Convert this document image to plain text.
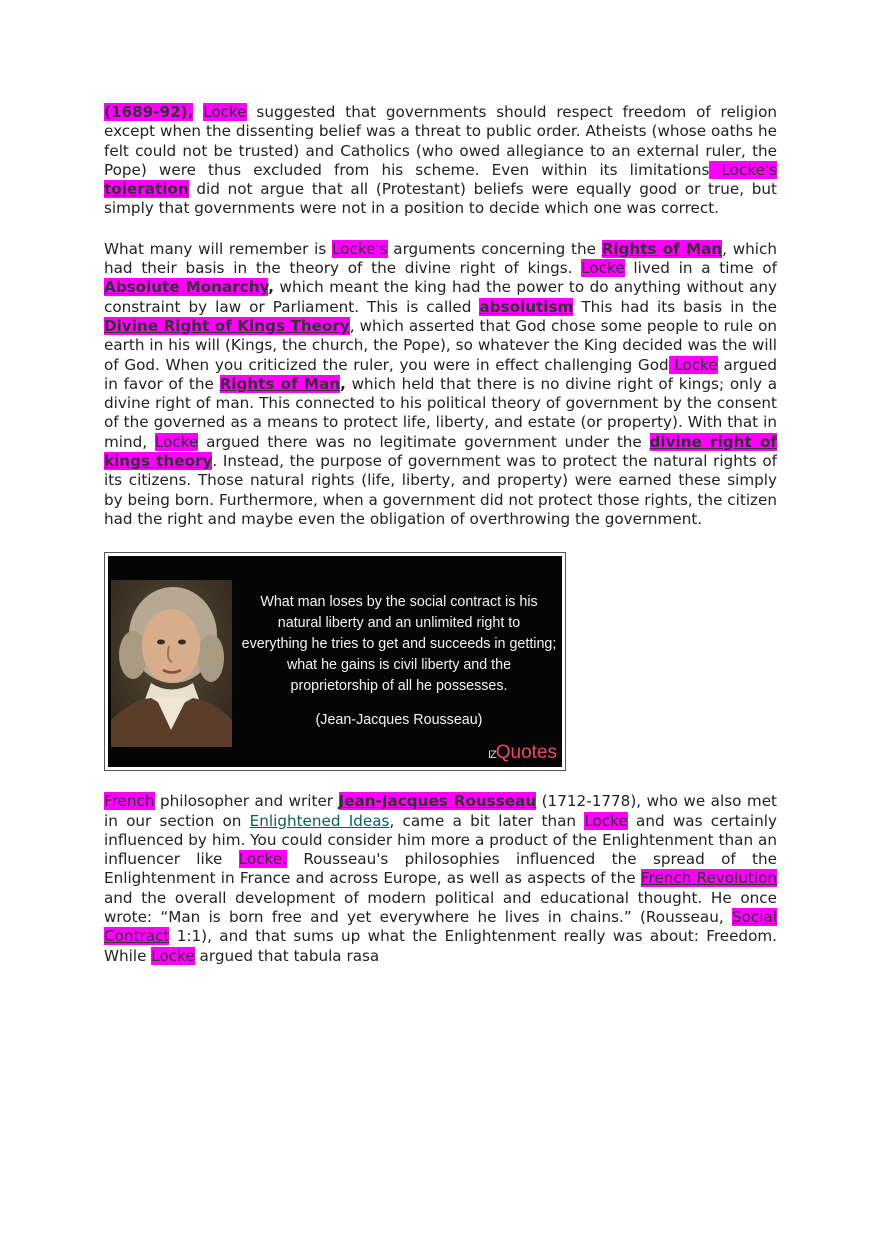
(1689-92), Locke suggested that governments should respect freedom of religion except when the dissenting belief was a threat to public order. Atheists (whose oaths he felt could not be trusted) and Catholics (who owed allegiance to an external ruler, the Pope) were thus excluded from his scheme. Even within its limitations Locke's toleration did not argue that all (Protestant) beliefs were equally good or true, but simply that governments were not in a position to decide which one was correct.

What many will remember is Locke's arguments concerning the Rights of Man, which had their basis in the theory of the divine right of kings. Locke lived in a time of Absolute Monarchy, which meant the king had the power to do anything without any constraint by law or Parliament. This is called absolutism This had its basis in the Divine Right of Kings Theory, which asserted that God chose some people to rule on earth in his will (Kings, the church, the Pope), so whatever the King decided was the will of God. When you criticized the ruler, you were in effect challenging God Locke argued in favor of the Rights of Man, which held that there is no divine right of kings; only a divine right of man. This connected to his political theory of government by the consent of the governed as a means to protect life, liberty, and estate (or property). With that in mind, Locke argued there was no legitimate government under the divine right of kings theory. Instead, the purpose of government was to protect the natural rights of its citizens. Those natural rights (life, liberty, and property) were earned these simply by being born. Furthermore, when a government did not protect those rights, the citizen had the right and maybe even the obligation of overthrowing the government.

What man loses by the social contract is his
natural liberty and an unlimited right to
everything he tries to get and succeeds in getting;
what he gains is civil liberty and the
proprietorship of all he possesses.
(Jean-Jacques Rousseau)
IZQuotes

French philosopher and writer Jean-Jacques Rousseau (1712-1778), who we also met in our section on Enlightened Ideas, came a bit later than Locke and was certainly influenced by him. You could consider him more a product of the Enlightenment than an influencer like Locke. Rousseau's philosophies influenced the spread of the Enlightenment in France and across Europe, as well as aspects of the French Revolution and the overall development of modern political and educational thought. He once wrote: “Man is born free and yet everywhere he lives in chains.” (Rousseau, Social Contract 1:1), and that sums up what the Enlightenment really was about: Freedom. While Locke argued that tabula rasa
